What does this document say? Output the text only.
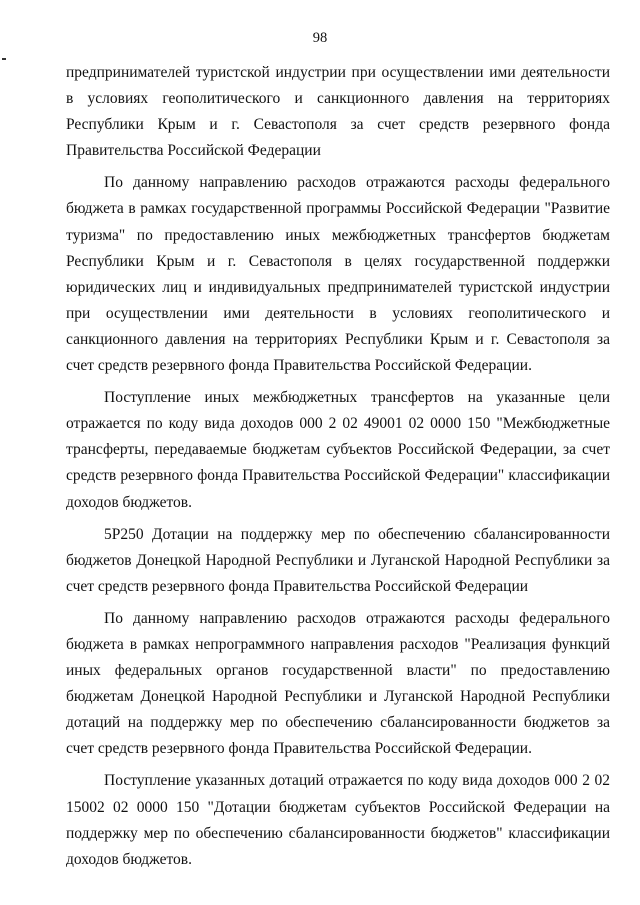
98

предпринимателей туристской индустрии при осуществлении ими деятельности в условиях геополитического и санкционного давления на территориях Республики Крым и г. Севастополя за счет средств резервного фонда Правительства Российской Федерации

По данному направлению расходов отражаются расходы федерального бюджета в рамках государственной программы Российской Федерации "Развитие туризма" по предоставлению иных межбюджетных трансфертов бюджетам Республики Крым и г. Севастополя в целях государственной поддержки юридических лиц и индивидуальных предпринимателей туристской индустрии при осуществлении ими деятельности в условиях геополитического и санкционного давления на территориях Республики Крым и г. Севастополя за счет средств резервного фонда Правительства Российской Федерации.

Поступление иных межбюджетных трансфертов на указанные цели отражается по коду вида доходов 000 2 02 49001 02 0000 150 "Межбюджетные трансферты, передаваемые бюджетам субъектов Российской Федерации, за счет средств резервного фонда Правительства Российской Федерации" классификации доходов бюджетов.

5Р250 Дотации на поддержку мер по обеспечению сбалансированности бюджетов Донецкой Народной Республики и Луганской Народной Республики за счет средств резервного фонда Правительства Российской Федерации

По данному направлению расходов отражаются расходы федерального бюджета в рамках непрограммного направления расходов "Реализация функций иных федеральных органов государственной власти" по предоставлению бюджетам Донецкой Народной Республики и Луганской Народной Республики дотаций на поддержку мер по обеспечению сбалансированности бюджетов за счет средств резервного фонда Правительства Российской Федерации.

Поступление указанных дотаций отражается по коду вида доходов 000 2 02 15002 02 0000 150 "Дотации бюджетам субъектов Российской Федерации на поддержку мер по обеспечению сбалансированности бюджетов" классификации доходов бюджетов.
